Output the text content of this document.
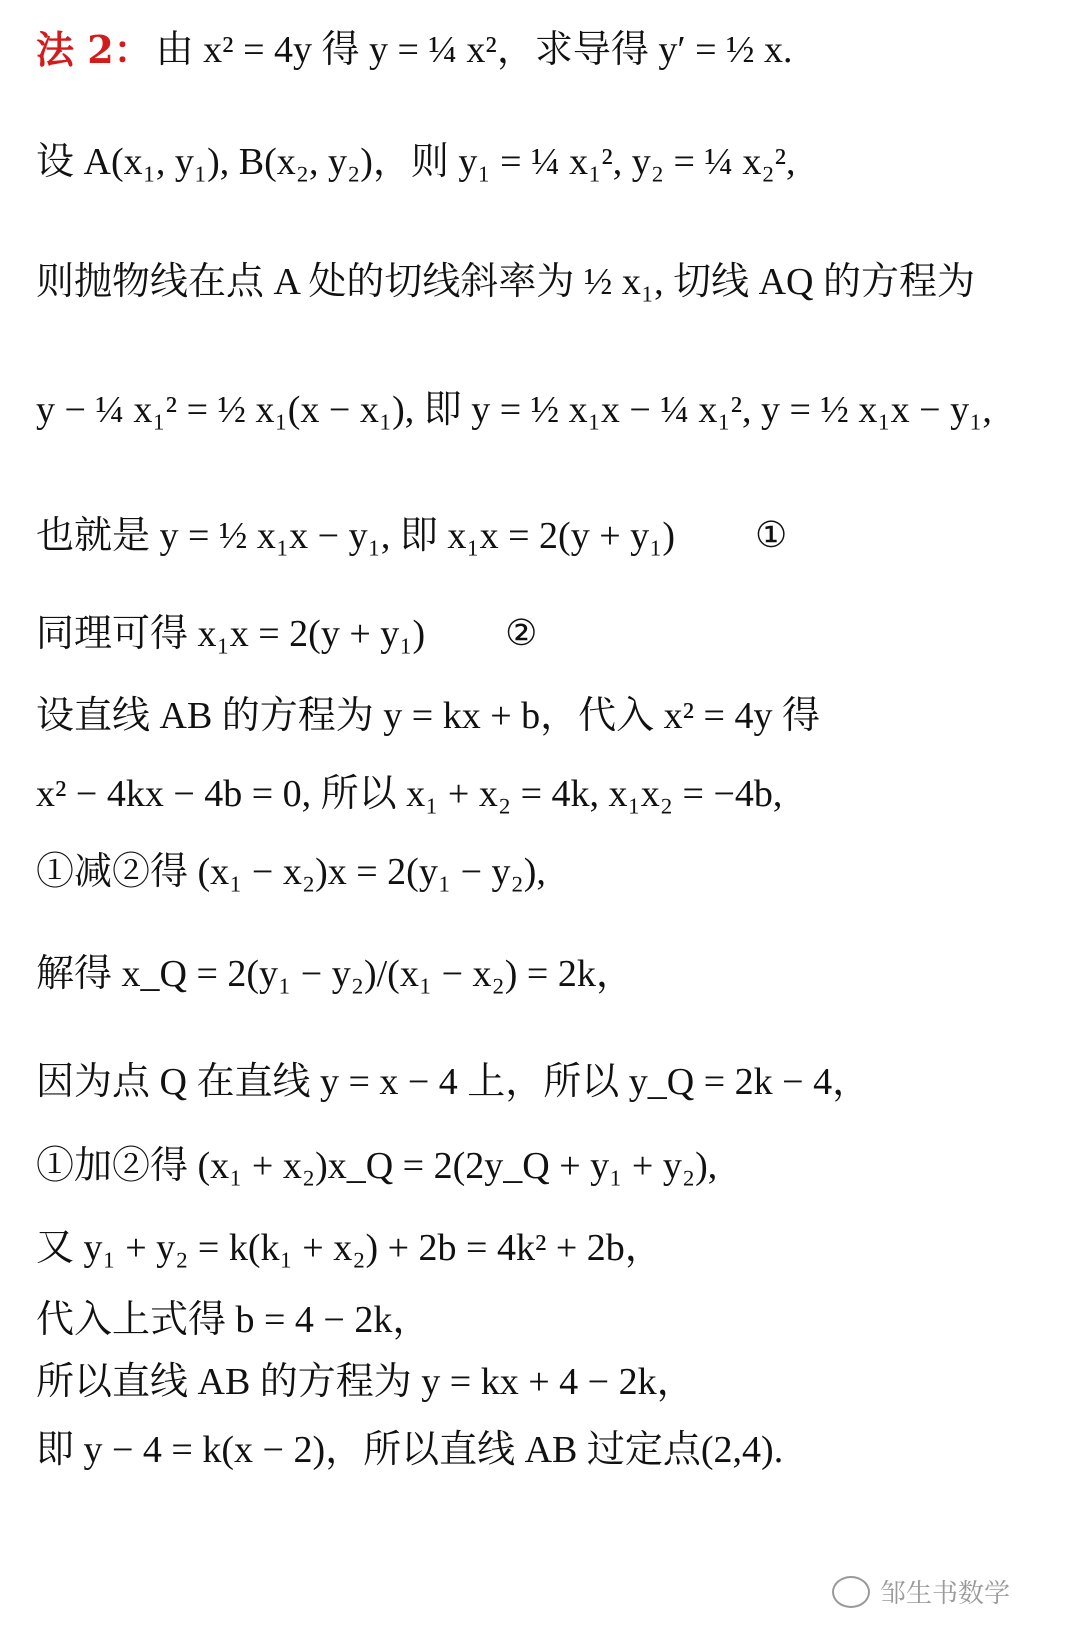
法 2： 由 x² = 4y 得 y = ¼ x²，求导得 y′ = ½ x.
设 A(x₁, y₁), B(x₂, y₂)，则 y₁ = ¼ x₁², y₂ = ¼ x₂²,
则抛物线在点 A 处的切线斜率为 ½ x₁, 切线 AQ 的方程为
y − ¼ x₁² = ½ x₁(x − x₁), 即 y = ½ x₁x − ¼ x₁², y = ½ x₁x − y₁,
也就是 y = ½ x₁x − y₁, 即 x₁x = 2(y + y₁) ①
同理可得 x₁x = 2(y + y₁) ②
设直线 AB 的方程为 y = kx + b，代入 x² = 4y 得
x² − 4kx − 4b = 0, 所以 x₁ + x₂ = 4k, x₁x₂ = −4b,
①减②得 (x₁ − x₂)x = 2(y₁ − y₂),
解得 x_Q = 2(y₁ − y₂)/(x₁ − x₂) = 2k，
因为点 Q 在直线 y = x − 4 上，所以 y_Q = 2k − 4，
①加②得 (x₁ + x₂)x_Q = 2(2y_Q + y₁ + y₂),
又 y₁ + y₂ = k(k₁ + x₂) + 2b = 4k² + 2b，
代入上式得 b = 4 − 2k，
所以直线 AB 的方程为 y = kx + 4 − 2k，
即 y − 4 = k(x − 2)，所以直线 AB 过定点(2,4).
邹生书数学
